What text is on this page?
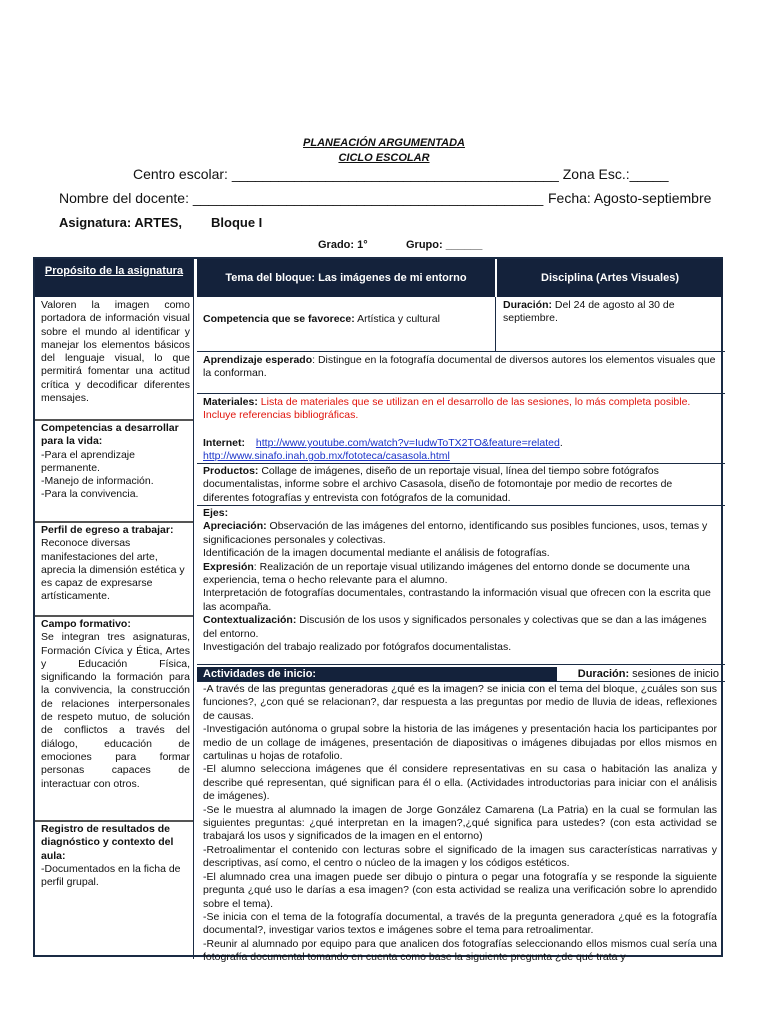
PLANEACIÓN ARGUMENTADA
CICLO ESCOLAR
Centro escolar: __________________________________________ Zona Esc.:_____
Nombre del docente: _____________________________________________ Fecha: Agosto-septiembre
Asignatura: ARTES, Bloque I
Grado: 1°	Grupo: ______
Propósito de la asignatura
Valoren la imagen como portadora de información visual sobre el mundo al identificar y manejar los elementos básicos del lenguaje visual, lo que permitirá fomentar una actitud crítica y decodificar diferentes mensajes.
Competencias a desarrollar para la vida:
-Para el aprendizaje permanente.
-Manejo de información.
-Para la convivencia.
Perfil de egreso a trabajar:
Reconoce diversas manifestaciones del arte, aprecia la dimensión estética y es capaz de expresarse artísticamente.
Campo formativo:
Se integran tres asignaturas, Formación Cívica y Ética, Artes y Educación Física, significando la formación para la convivencia, la construcción de relaciones interpersonales de respeto mutuo, de solución de conflictos a través del diálogo, educación de emociones para formar personas capaces de interactuar con otros.
Registro de resultados de diagnóstico y contexto del aula:
-Documentados en la ficha de perfil grupal.
Tema del bloque: Las imágenes de mi entorno	Disciplina (Artes Visuales)
Competencia que se favorece: Artística y cultural
Duración: Del 24 de agosto al 30 de septiembre.
Aprendizaje esperado: Distingue en la fotografía documental de diversos autores los elementos visuales que la conforman.
Materiales: Lista de materiales que se utilizan en el desarrollo de las sesiones, lo más completa posible. Incluye referencias bibliográficas.
Internet: http://www.youtube.com/watch?v=IudwToTX2TO&feature=related.
http://www.sinafo.inah.gob.mx/fototeca/casasola.html
Productos: Collage de imágenes, diseño de un reportaje visual, línea del tiempo sobre fotógrafos documentalistas, informe sobre el archivo Casasola, diseño de fotomontaje por medio de recortes de diferentes fotografías y entrevista con fotógrafos de la comunidad.
Ejes:
Apreciación: Observación de las imágenes del entorno, identificando sus posibles funciones, usos, temas y significaciones personales y colectivas.
Identificación de la imagen documental mediante el análisis de fotografías.
Expresión: Realización de un reportaje visual utilizando imágenes del entorno donde se documente una experiencia, tema o hecho relevante para el alumno.
Interpretación de fotografías documentales, contrastando la información visual que ofrecen con la escrita que las acompaña.
Contextualización: Discusión de los usos y significados personales y colectivas que se dan a las imágenes del entorno.
Investigación del trabajo realizado por fotógrafos documentalistas.
Actividades de inicio:	Duración: sesiones de inicio
-A través de las preguntas generadoras ¿qué es la imagen? se inicia con el tema del bloque, ¿cuáles son sus funciones?, ¿con qué se relacionan?, dar respuesta a las preguntas por medio de lluvia de ideas, reflexiones de causas.
-Investigación autónoma o grupal sobre la historia de las imágenes y presentación hacia los participantes por medio de un collage de imágenes, presentación de diapositivas o imágenes dibujadas por ellos mismos en cartulinas u hojas de rotafolio.
-El alumno selecciona imágenes que él considere representativas en su casa o habitación las analiza y describe qué representan, qué significan para él o ella. (Actividades introductorias para iniciar con el análisis de imágenes).
-Se le muestra al alumnado la imagen de Jorge González Camarena (La Patria) en la cual se formulan las siguientes preguntas: ¿qué interpretan en la imagen?,¿qué significa para ustedes? (con esta actividad se trabajará los usos y significados de la imagen en el entorno)
-Retroalimentar el contenido con lecturas sobre el significado de la imagen sus características narrativas y descriptivas, así como, el centro o núcleo de la imagen y los códigos estéticos.
-El alumnado crea una imagen puede ser dibujo o pintura o pegar una fotografía y se responde la siguiente pregunta ¿qué uso le darías a esa imagen? (con esta actividad se realiza una verificación sobre lo aprendido sobre el tema).
-Se inicia con el tema de la fotografía documental, a través de la pregunta generadora ¿qué es la fotografía documental?, investigar varios textos e imágenes sobre el tema para retroalimentar.
-Reunir al alumnado por equipo para que analicen dos fotografías seleccionando ellos mismos cual sería una fotografía documental tomando en cuenta como base la siguiente pregunta ¿de qué trata y
